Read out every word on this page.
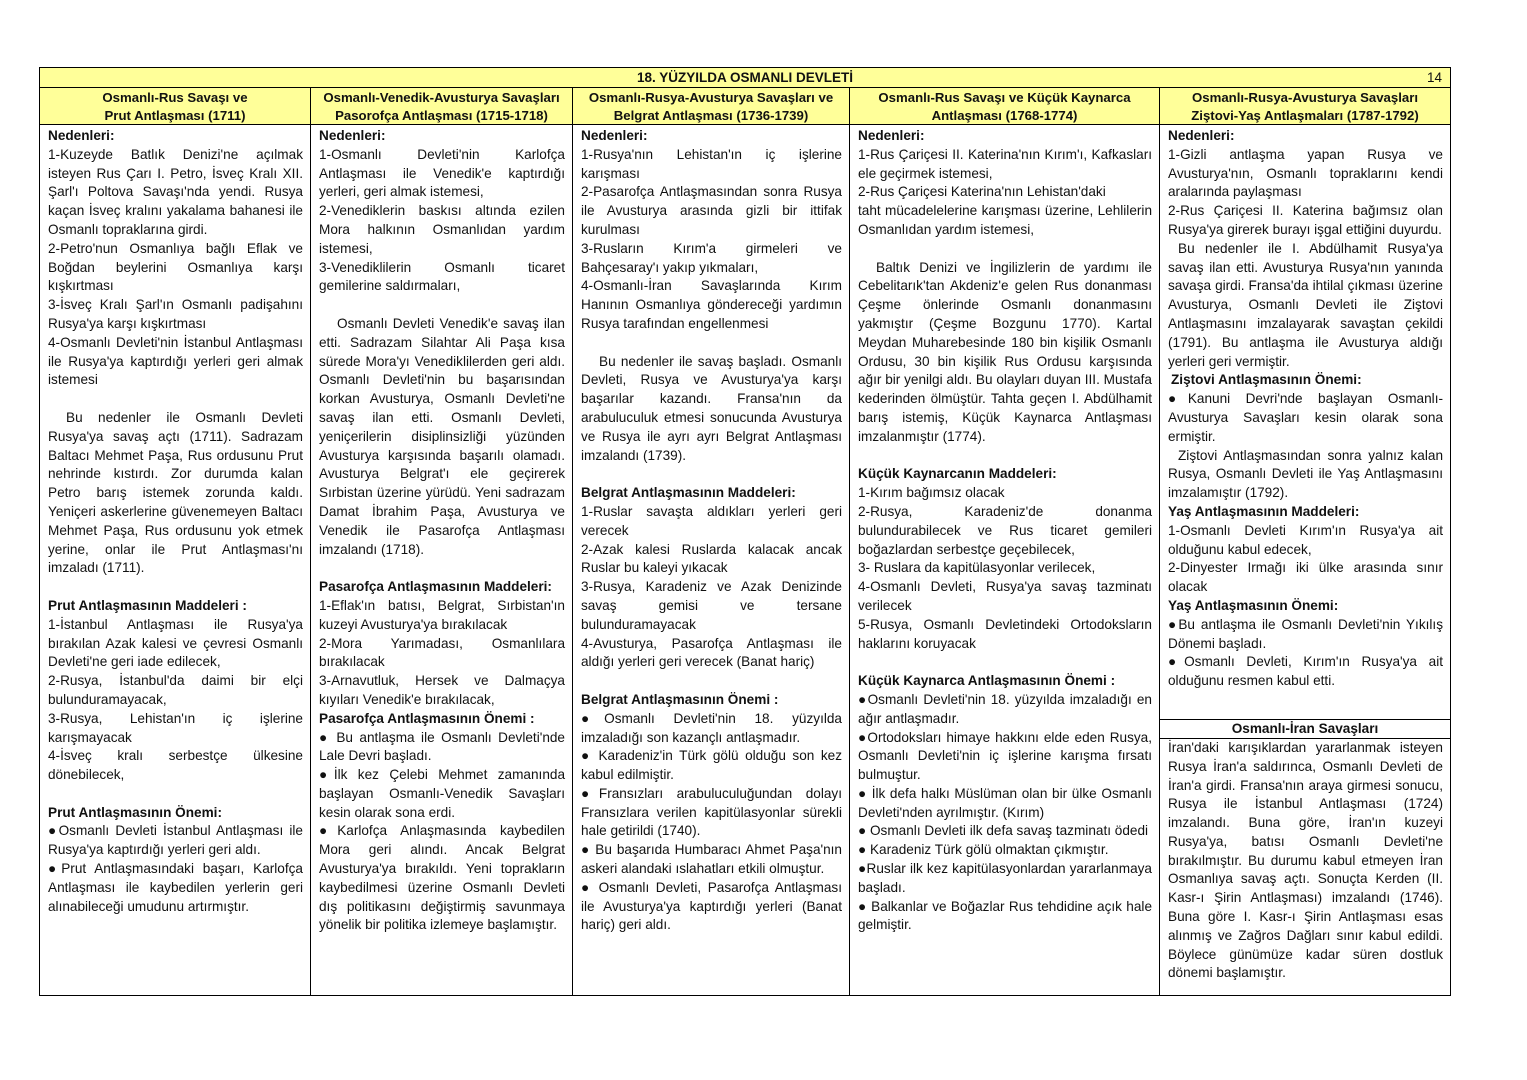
18. YÜZYILDA OSMANLI DEVLETİ	14
Osmanlı-Rus Savaşı ve
Prut Antlaşması (1711)

Nedenleri:

1-Kuzeyde Batlık Denizi'ne açılmak isteyen Rus Çarı I. Petro, İsveç Kralı XII. Şarl'ı Poltova Savaşı'nda yendi. Rusya kaçan İsveç kralını yakalama bahanesi ile Osmanlı topraklarına girdi.

2-Petro'nun Osmanlıya bağlı Eflak ve Boğdan beylerini Osmanlıya karşı kışkırtması

3-İsveç Kralı Şarl'ın Osmanlı padişahını Rusya'ya karşı kışkırtması

4-Osmanlı Devleti'nin İstanbul Antlaşması ile Rusya'ya kaptırdığı yerleri geri almak istemesi

Bu nedenler ile Osmanlı Devleti Rusya'ya savaş açtı (1711). Sadrazam Baltacı Mehmet Paşa, Rus ordusunu Prut nehrinde kıstırdı. Zor durumda kalan Petro barış istemek zorunda kaldı. Yeniçeri askerlerine güvenemeyen Baltacı Mehmet Paşa, Rus ordusunu yok etmek yerine, onlar ile Prut Antlaşması'nı imzaladı (1711).

Prut Antlaşmasının Maddeleri :

1-İstanbul Antlaşması ile Rusya'ya bırakılan Azak kalesi ve çevresi Osmanlı Devleti'ne geri iade edilecek,

2-Rusya, İstanbul'da daimi bir elçi bulunduramayacak,

3-Rusya, Lehistan'ın iç işlerine karışmayacak

4-İsveç kralı serbestçe ülkesine dönebilecek,

Prut Antlaşmasının Önemi:

●Osmanlı Devleti İstanbul Antlaşması ile Rusya'ya kaptırdığı yerleri geri aldı.

●Prut Antlaşmasındaki başarı, Karlofça Antlaşması ile kaybedilen yerlerin geri alınabileceği umudunu artırmıştır.

Osmanlı-Venedik-Avusturya Savaşları
Pasorofça Antlaşması (1715-1718)

Nedenleri:

1-Osmanlı Devleti'nin Karlofça Antlaşması ile Venedik'e kaptırdığı yerleri, geri almak istemesi,

2-Venediklerin baskısı altında ezilen Mora halkının Osmanlıdan yardım istemesi,

3-Venediklilerin Osmanlı ticaret gemilerine saldırmaları,

Osmanlı Devleti Venedik'e savaş ilan etti. Sadrazam Silahtar Ali Paşa kısa sürede Mora'yı Venediklilerden geri aldı. Osmanlı Devleti'nin bu başarısından korkan Avusturya, Osmanlı Devleti'ne savaş ilan etti. Osmanlı Devleti, yeniçerilerin disiplinsizliği yüzünden Avusturya karşısında başarılı olamadı. Avusturya Belgrat'ı ele geçirerek Sırbistan üzerine yürüdü. Yeni sadrazam Damat İbrahim Paşa, Avusturya ve Venedik ile Pasarofça Antlaşması imzalandı (1718).

Pasarofça Antlaşmasının Maddeleri:

1-Eflak'ın batısı, Belgrat, Sırbistan'ın kuzeyi Avusturya'ya bırakılacak

2-Mora Yarımadası, Osmanlılara bırakılacak

3-Arnavutluk, Hersek ve Dalmaçya kıyıları Venedik'e bırakılacak,

Pasarofça Antlaşmasının Önemi :

● Bu antlaşma ile Osmanlı Devleti'nde Lale Devri başladı.

●İlk kez Çelebi Mehmet zamanında başlayan Osmanlı-Venedik Savaşları kesin olarak sona erdi.

●Karlofça Anlaşmasında kaybedilen Mora geri alındı. Ancak Belgrat Avusturya'ya bırakıldı. Yeni toprakların kaybedilmesi üzerine Osmanlı Devleti dış politikasını değiştirmiş savunmaya yönelik bir politika izlemeye başlamıştır.

Osmanlı-Rusya-Avusturya Savaşları ve
Belgrat Antlaşması (1736-1739)

Nedenleri:

1-Rusya'nın Lehistan'ın iç işlerine karışması

2-Pasarofça Antlaşmasından sonra Rusya ile Avusturya arasında gizli bir ittifak kurulması

3-Rusların Kırım'a girmeleri ve Bahçesaray'ı yakıp yıkmaları,

4-Osmanlı-İran Savaşlarında Kırım Hanının Osmanlıya göndereceği yardımın Rusya tarafından engellenmesi

Bu nedenler ile savaş başladı. Osmanlı Devleti, Rusya ve Avusturya'ya karşı başarılar kazandı. Fransa'nın da arabuluculuk etmesi sonucunda Avusturya ve Rusya ile ayrı ayrı Belgrat Antlaşması imzalandı (1739).

Belgrat Antlaşmasının Maddeleri:

1-Ruslar savaşta aldıkları yerleri geri verecek

2-Azak kalesi Ruslarda kalacak ancak Ruslar bu kaleyi yıkacak

3-Rusya, Karadeniz ve Azak Denizinde savaş gemisi ve tersane bulunduramayacak

4-Avusturya, Pasarofça Antlaşması ile aldığı yerleri geri verecek (Banat hariç)

Belgrat Antlaşmasının Önemi :

●Osmanlı Devleti'nin 18. yüzyılda imzaladığı son kazançlı antlaşmadır.

● Karadeniz'in Türk gölü olduğu son kez kabul edilmiştir.

●Fransızları arabuluculuğundan dolayı Fransızlara verilen kapitülasyonlar sürekli hale getirildi (1740).

● Bu başarıda Humbaracı Ahmet Paşa'nın askeri alandaki ıslahatları etkili olmuştur.

● Osmanlı Devleti, Pasarofça Antlaşması ile Avusturya'ya kaptırdığı yerleri (Banat hariç) geri aldı.

Osmanlı-Rus Savaşı ve Küçük Kaynarca
Antlaşması (1768-1774)

Nedenleri:

1-Rus Çariçesi II. Katerina'nın Kırım'ı, Kafkasları ele geçirmek istemesi,

2-Rus Çariçesi Katerina'nın Lehistan'daki

taht mücadelelerine karışması üzerine, Lehlilerin Osmanlıdan yardım istemesi,

Baltık Denizi ve İngilizlerin de yardımı ile Cebelitarık'tan Akdeniz'e gelen Rus donanması Çeşme önlerinde Osmanlı donanmasını yakmıştır (Çeşme Bozgunu 1770). Kartal Meydan Muharebesinde 180 bin kişilik Osmanlı Ordusu, 30 bin kişilik Rus Ordusu karşısında ağır bir yenilgi aldı. Bu olayları duyan III. Mustafa kederinden ölmüştür. Tahta geçen I. Abdülhamit barış istemiş, Küçük Kaynarca Antlaşması imzalanmıştır (1774).

Küçük Kaynarcanın Maddeleri:

1-Kırım bağımsız olacak

2-Rusya, Karadeniz'de donanma bulundurabilecek ve Rus ticaret gemileri boğazlardan serbestçe geçebilecek,

3- Ruslara da kapitülasyonlar verilecek,

4-Osmanlı Devleti, Rusya'ya savaş tazminatı verilecek

5-Rusya, Osmanlı Devletindeki Ortodoksların haklarını koruyacak

Küçük Kaynarca Antlaşmasının Önemi :

●Osmanlı Devleti'nin 18. yüzyılda imzaladığı en ağır antlaşmadır.

●Ortodoksları himaye hakkını elde eden Rusya, Osmanlı Devleti'nin iç işlerine karışma fırsatı bulmuştur.

● İlk defa halkı Müslüman olan bir ülke Osmanlı Devleti'nden ayrılmıştır. (Kırım)

● Osmanlı Devleti ilk defa savaş tazminatı ödedi

● Karadeniz Türk gölü olmaktan çıkmıştır.

●Ruslar ilk kez kapitülasyonlardan yararlanmaya başladı.

● Balkanlar ve Boğazlar Rus tehdidine açık hale gelmiştir.

Osmanlı-Rusya-Avusturya Savaşları
Ziştovi-Yaş Antlaşmaları (1787-1792)

Nedenleri:

1-Gizli antlaşma yapan Rusya ve Avusturya'nın, Osmanlı topraklarını kendi aralarında paylaşması

2-Rus Çariçesi II. Katerina bağımsız olan Rusya'ya girerek burayı işgal ettiğini duyurdu.

Bu nedenler ile I. Abdülhamit Rusya'ya savaş ilan etti. Avusturya Rusya'nın yanında savaşa girdi. Fransa'da ihtilal çıkması üzerine Avusturya, Osmanlı Devleti ile Ziştovi Antlaşmasını imzalayarak savaştan çekildi (1791). Bu antlaşma ile Avusturya aldığı yerleri geri vermiştir.

Ziştovi Antlaşmasının Önemi:

●Kanuni Devri'nde başlayan Osmanlı-Avusturya Savaşları kesin olarak sona ermiştir.

Ziştovi Antlaşmasından sonra yalnız kalan Rusya, Osmanlı Devleti ile Yaş Antlaşmasını imzalamıştır (1792).

Yaş Antlaşmasının Maddeleri:

1-Osmanlı Devleti Kırım'ın Rusya'ya ait olduğunu kabul edecek,

2-Dinyester Irmağı iki ülke arasında sınır olacak

Yaş Antlaşmasının Önemi:

●Bu antlaşma ile Osmanlı Devleti'nin Yıkılış Dönemi başladı.

●Osmanlı Devleti, Kırım'ın Rusya'ya ait olduğunu resmen kabul etti.

Osmanlı-İran Savaşları

İran'daki karışıklardan yararlanmak isteyen Rusya İran'a saldırınca, Osmanlı Devleti de İran'a girdi. Fransa'nın araya girmesi sonucu, Rusya ile İstanbul Antlaşması (1724) imzalandı. Buna göre, İran'ın kuzeyi Rusya'ya, batısı Osmanlı Devleti'ne bırakılmıştır. Bu durumu kabul etmeyen İran Osmanlıya savaş açtı. Sonuçta Kerden (II. Kasr-ı Şirin Antlaşması) imzalandı (1746). Buna göre I. Kasr-ı Şirin Antlaşması esas alınmış ve Zağros Dağları sınır kabul edildi. Böylece günümüze kadar süren dostluk dönemi başlamıştır.
